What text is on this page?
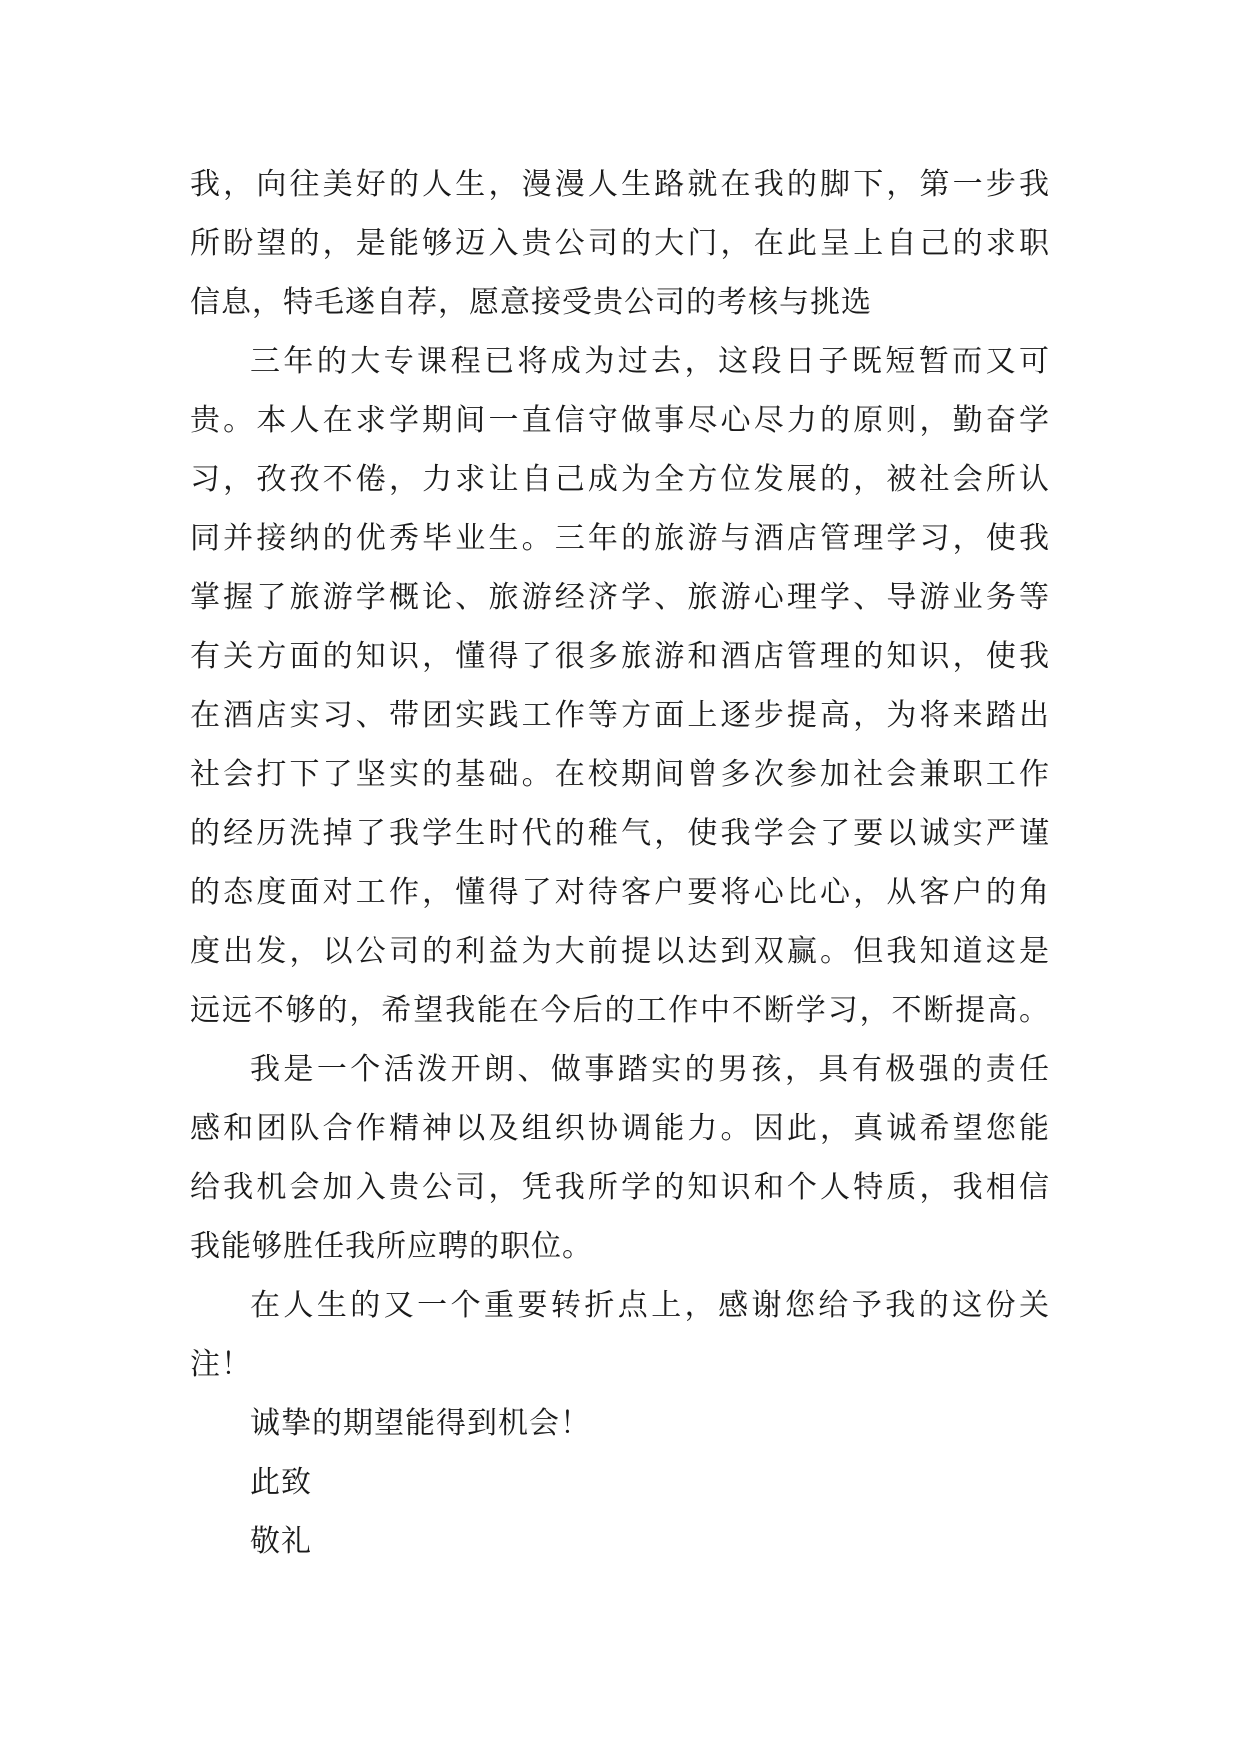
我，向往美好的人生，漫漫人生路就在我的脚下，第一步我
所盼望的，是能够迈入贵公司的大门，在此呈上自己的求职
信息，特毛遂自荐，愿意接受贵公司的考核与挑选
三年的大专课程已将成为过去，这段日子既短暂而又可
贵。本人在求学期间一直信守做事尽心尽力的原则，勤奋学
习，孜孜不倦，力求让自己成为全方位发展的，被社会所认
同并接纳的优秀毕业生。三年的旅游与酒店管理学习，使我
掌握了旅游学概论、旅游经济学、旅游心理学、导游业务等
有关方面的知识，懂得了很多旅游和酒店管理的知识，使我
在酒店实习、带团实践工作等方面上逐步提高，为将来踏出
社会打下了坚实的基础。在校期间曾多次参加社会兼职工作
的经历洗掉了我学生时代的稚气，使我学会了要以诚实严谨
的态度面对工作，懂得了对待客户要将心比心，从客户的角
度出发，以公司的利益为大前提以达到双赢。但我知道这是
远远不够的，希望我能在今后的工作中不断学习，不断提高。
我是一个活泼开朗、做事踏实的男孩，具有极强的责任
感和团队合作精神以及组织协调能力。因此，真诚希望您能
给我机会加入贵公司，凭我所学的知识和个人特质，我相信
我能够胜任我所应聘的职位。
在人生的又一个重要转折点上，感谢您给予我的这份关
注！
诚挚的期望能得到机会！
此致
敬礼
